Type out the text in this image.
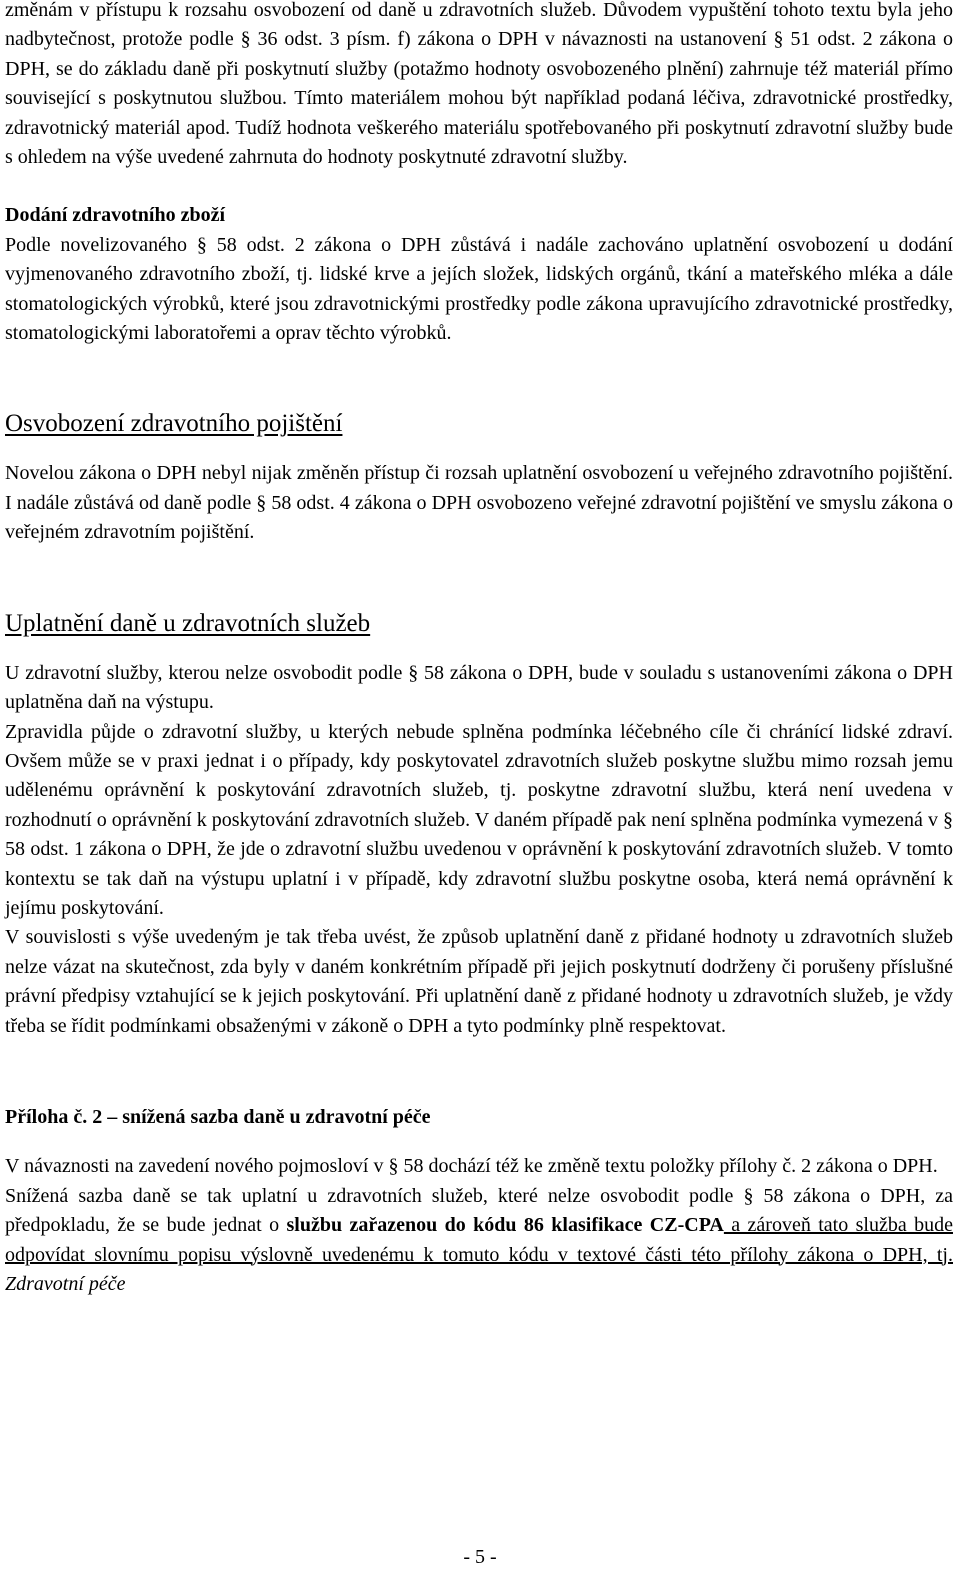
změnám v přístupu k rozsahu osvobození od daně u zdravotních služeb. Důvodem vypuštění tohoto textu byla jeho nadbytečnost, protože podle § 36 odst. 3 písm. f) zákona o DPH v návaznosti na ustanovení § 51 odst. 2 zákona o DPH, se do základu daně při poskytnutí služby (potažmo hodnoty osvobozeného plnění) zahrnuje též materiál přímo související s poskytnutou službou. Tímto materiálem mohou být například podaná léčiva, zdravotnické prostředky, zdravotnický materiál apod. Tudíž hodnota veškerého materiálu spotřebovaného při poskytnutí zdravotní služby bude s ohledem na výše uvedené zahrnuta do hodnoty poskytnuté zdravotní služby.

Dodání zdravotního zboží

Podle novelizovaného § 58 odst. 2 zákona o DPH zůstává i nadále zachováno uplatnění osvobození u dodání vyjmenovaného zdravotního zboží, tj. lidské krve a jejích složek, lidských orgánů, tkání a mateřského mléka a dále stomatologických výrobků, které jsou zdravotnickými prostředky podle zákona upravujícího zdravotnické prostředky, stomatologickými laboratořemi a oprav těchto výrobků.

Osvobození zdravotního pojištění

Novelou zákona o DPH nebyl nijak změněn přístup či rozsah uplatnění osvobození u veřejného zdravotního pojištění. I nadále zůstává od daně podle § 58 odst. 4 zákona o DPH osvobozeno veřejné zdravotní pojištění ve smyslu zákona o veřejném zdravotním pojištění.

Uplatnění daně u zdravotních služeb

U zdravotní služby, kterou nelze osvobodit podle § 58 zákona o DPH, bude v souladu s ustanoveními zákona o DPH uplatněna daň na výstupu.

Zpravidla půjde o zdravotní služby, u kterých nebude splněna podmínka léčebného cíle či chránící lidské zdraví. Ovšem může se v praxi jednat i o případy, kdy poskytovatel zdravotních služeb poskytne službu mimo rozsah jemu udělenému oprávnění k poskytování zdravotních služeb, tj. poskytne zdravotní službu, která není uvedena v rozhodnutí o oprávnění k poskytování zdravotních služeb. V daném případě pak není splněna podmínka vymezená v § 58 odst. 1 zákona o DPH, že jde o zdravotní službu uvedenou v oprávnění k poskytování zdravotních služeb. V tomto kontextu se tak daň na výstupu uplatní i v případě, kdy zdravotní službu poskytne osoba, která nemá oprávnění k jejímu poskytování.

V souvislosti s výše uvedeným je tak třeba uvést, že způsob uplatnění daně z přidané hodnoty u zdravotních služeb nelze vázat na skutečnost, zda byly v daném konkrétním případě při jejich poskytnutí dodrženy či porušeny příslušné právní předpisy vztahující se k jejich poskytování. Při uplatnění daně z přidané hodnoty u zdravotních služeb, je vždy třeba se řídit podmínkami obsaženými v zákoně o DPH a tyto podmínky plně respektovat.

Příloha č. 2 – snížená sazba daně u zdravotní péče

V návaznosti na zavedení nového pojmosloví v § 58 dochází též ke změně textu položky přílohy č. 2 zákona o DPH.

Snížená sazba daně se tak uplatní u zdravotních služeb, které nelze osvobodit podle § 58 zákona o DPH, za předpokladu, že se bude jednat o službu zařazenou do kódu 86 klasifikace CZ-CPA a zároveň tato služba bude odpovídat slovnímu popisu výslovně uvedenému k tomuto kódu v textové části této přílohy zákona o DPH, tj. Zdravotní péče

- 5 -
